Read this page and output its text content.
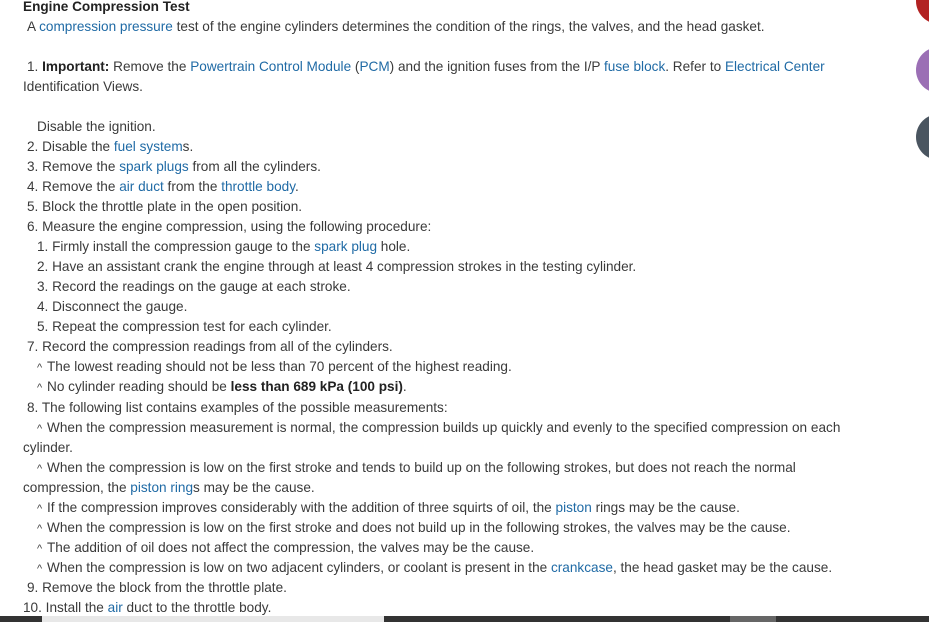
Engine Compression Test
A compression pressure test of the engine cylinders determines the condition of the rings, the valves, and the head gasket.
1. Important: Remove the Powertrain Control Module (PCM) and the ignition fuses from the I/P fuse block. Refer to Electrical Center
Identification Views.
Disable the ignition.
2. Disable the fuel systems.
3. Remove the spark plugs from all the cylinders.
4. Remove the air duct from the throttle body.
5. Block the throttle plate in the open position.
6. Measure the engine compression, using the following procedure:
1. Firmly install the compression gauge to the spark plug hole.
2. Have an assistant crank the engine through at least 4 compression strokes in the testing cylinder.
3. Record the readings on the gauge at each stroke.
4. Disconnect the gauge.
5. Repeat the compression test for each cylinder.
7. Record the compression readings from all of the cylinders.
^ The lowest reading should not be less than 70 percent of the highest reading.
^ No cylinder reading should be less than 689 kPa (100 psi).
8. The following list contains examples of the possible measurements:
^ When the compression measurement is normal, the compression builds up quickly and evenly to the specified compression on each
cylinder.
^ When the compression is low on the first stroke and tends to build up on the following strokes, but does not reach the normal
compression, the piston rings may be the cause.
^ If the compression improves considerably with the addition of three squirts of oil, the piston rings may be the cause.
^ When the compression is low on the first stroke and does not build up in the following strokes, the valves may be the cause.
^ The addition of oil does not affect the compression, the valves may be the cause.
^ When the compression is low on two adjacent cylinders, or coolant is present in the crankcase, the head gasket may be the cause.
9. Remove the block from the throttle plate.
10. Install the air duct to the throttle body.
